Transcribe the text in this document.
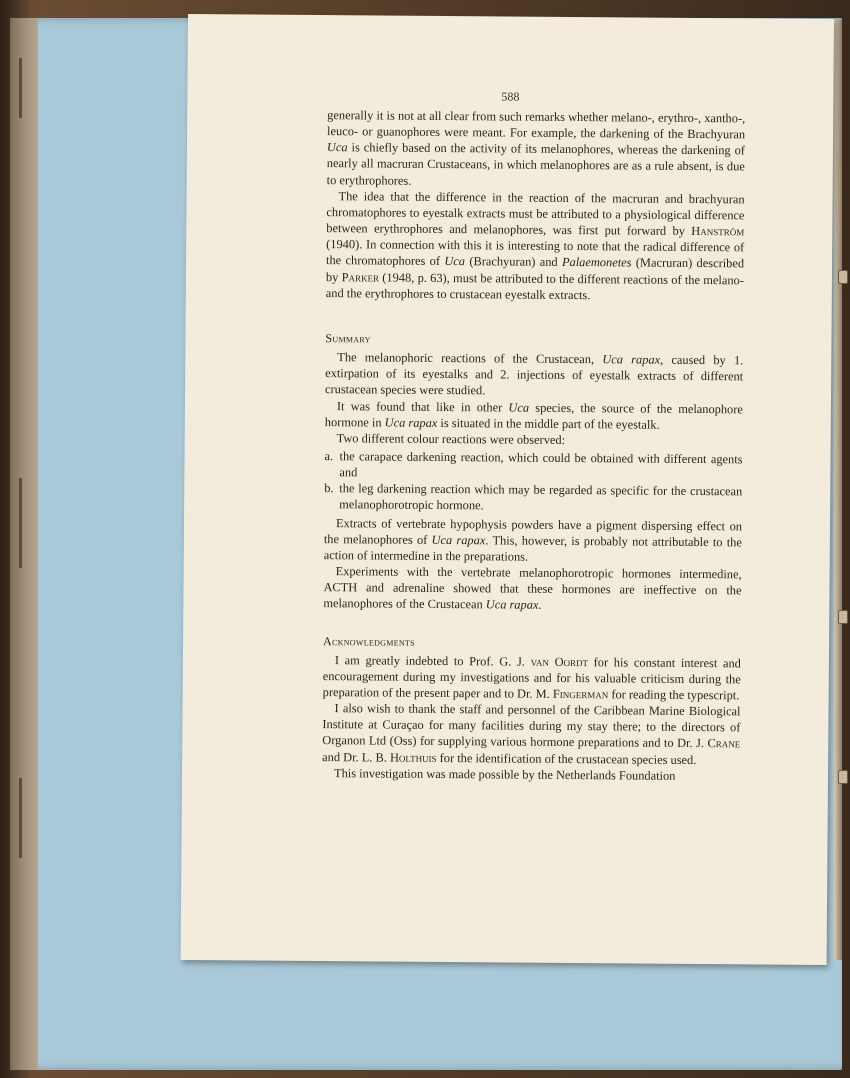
588

generally it is not at all clear from such remarks whether melano-, erythro-, xantho-, leuco- or guanophores were meant. For example, the darkening of the Brachyuran Uca is chiefly based on the activity of its melanophores, whereas the darkening of nearly all macruran Crustaceans, in which melanophores are as a rule absent, is due to erythrophores.

The idea that the difference in the reaction of the macruran and brachyuran chromatophores to eyestalk extracts must be attributed to a physiological difference between erythrophores and melanophores, was first put forward by Hanström (1940). In connection with this it is interesting to note that the radical difference of the chromatophores of Uca (Brachyuran) and Palaemonetes (Macruran) described by Parker (1948, p. 63), must be attributed to the different reactions of the melano- and the erythrophores to crustacean eyestalk extracts.

Summary

The melanophoric reactions of the Crustacean, Uca rapax, caused by 1. extirpation of its eyestalks and 2. injections of eyestalk extracts of different crustacean species were studied.

It was found that like in other Uca species, the source of the melanophore hormone in Uca rapax is situated in the middle part of the eyestalk.

Two different colour reactions were observed:

a. the carapace darkening reaction, which could be obtained with different agents and
b. the leg darkening reaction which may be regarded as specific for the crustacean melanophorotropic hormone.

Extracts of vertebrate hypophysis powders have a pigment dispersing effect on the melanophores of Uca rapax. This, however, is probably not attributable to the action of intermedine in the preparations.

Experiments with the vertebrate melanophorotropic hormones intermedine, ACTH and adrenaline showed that these hormones are ineffective on the melanophores of the Crustacean Uca rapax.

Acknowledgments

I am greatly indebted to Prof. G. J. van Oordt for his constant interest and encouragement during my investigations and for his valuable criticism during the preparation of the present paper and to Dr. M. Fingerman for reading the typescript.

I also wish to thank the staff and personnel of the Caribbean Marine Biological Institute at Curaçao for many facilities during my stay there; to the directors of Organon Ltd (Oss) for supplying various hormone preparations and to Dr. J. Crane and Dr. L. B. Holthuis for the identification of the crustacean species used.

This investigation was made possible by the Netherlands Foundation
